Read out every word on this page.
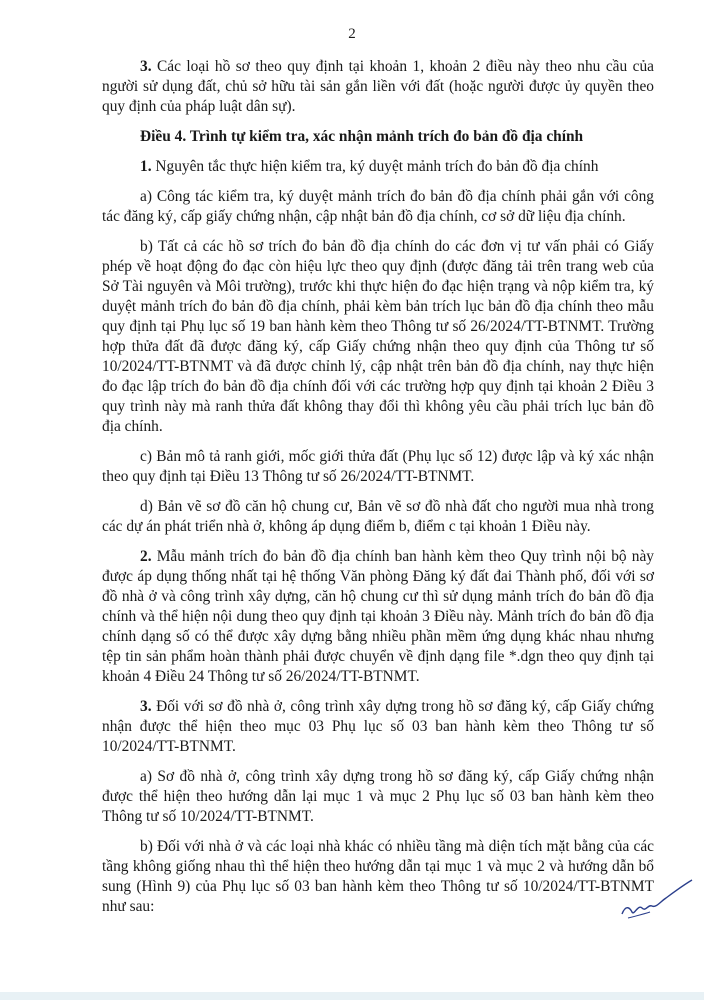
2

3. Các loại hồ sơ theo quy định tại khoản 1, khoản 2 điều này theo nhu cầu của người sử dụng đất, chủ sở hữu tài sản gắn liền với đất (hoặc người được ủy quyền theo quy định của pháp luật dân sự).

Điều 4. Trình tự kiểm tra, xác nhận mảnh trích đo bản đồ địa chính

1. Nguyên tắc thực hiện kiểm tra, ký duyệt mảnh trích đo bản đồ địa chính

a) Công tác kiểm tra, ký duyệt mảnh trích đo bản đồ địa chính phải gắn với công tác đăng ký, cấp giấy chứng nhận, cập nhật bản đồ địa chính, cơ sở dữ liệu địa chính.

b) Tất cả các hồ sơ trích đo bản đồ địa chính do các đơn vị tư vấn phải có Giấy phép về hoạt động đo đạc còn hiệu lực theo quy định (được đăng tải trên trang web của Sở Tài nguyên và Môi trường), trước khi thực hiện đo đạc hiện trạng và nộp kiểm tra, ký duyệt mảnh trích đo bản đồ địa chính, phải kèm bản trích lục bản đồ địa chính theo mẫu quy định tại Phụ lục số 19 ban hành kèm theo Thông tư số 26/2024/TT-BTNMT. Trường hợp thửa đất đã được đăng ký, cấp Giấy chứng nhận theo quy định của Thông tư số 10/2024/TT-BTNMT và đã được chỉnh lý, cập nhật trên bản đồ địa chính, nay thực hiện đo đạc lập trích đo bản đồ địa chính đối với các trường hợp quy định tại khoản 2 Điều 3 quy trình này mà ranh thửa đất không thay đổi thì không yêu cầu phải trích lục bản đồ địa chính.

c) Bản mô tả ranh giới, mốc giới thửa đất (Phụ lục số 12) được lập và ký xác nhận theo quy định tại Điều 13 Thông tư số 26/2024/TT-BTNMT.

d) Bản vẽ sơ đồ căn hộ chung cư, Bản vẽ sơ đồ nhà đất cho người mua nhà trong các dự án phát triển nhà ở, không áp dụng điểm b, điểm c tại khoản 1 Điều này.

2. Mẫu mảnh trích đo bản đồ địa chính ban hành kèm theo Quy trình nội bộ này được áp dụng thống nhất tại hệ thống Văn phòng Đăng ký đất đai Thành phố, đối với sơ đồ nhà ở và công trình xây dựng, căn hộ chung cư thì sử dụng mảnh trích đo bản đồ địa chính và thể hiện nội dung theo quy định tại khoản 3 Điều này. Mảnh trích đo bản đồ địa chính dạng số có thể được xây dựng bằng nhiều phần mềm ứng dụng khác nhau nhưng tệp tin sản phẩm hoàn thành phải được chuyển về định dạng file *.dgn theo quy định tại khoản 4 Điều 24 Thông tư số 26/2024/TT-BTNMT.

3. Đối với sơ đồ nhà ở, công trình xây dựng trong hồ sơ đăng ký, cấp Giấy chứng nhận được thể hiện theo mục 03 Phụ lục số 03 ban hành kèm theo Thông tư số 10/2024/TT-BTNMT.

a) Sơ đồ nhà ở, công trình xây dựng trong hồ sơ đăng ký, cấp Giấy chứng nhận được thể hiện theo hướng dẫn lại mục 1 và mục 2 Phụ lục số 03 ban hành kèm theo Thông tư số 10/2024/TT-BTNMT.

b) Đối với nhà ở và các loại nhà khác có nhiều tầng mà diện tích mặt bằng của các tầng không giống nhau thì thể hiện theo hướng dẫn tại mục 1 và mục 2 và hướng dẫn bổ sung (Hình 9) của Phụ lục số 03 ban hành kèm theo Thông tư số 10/2024/TT-BTNMT như sau:
